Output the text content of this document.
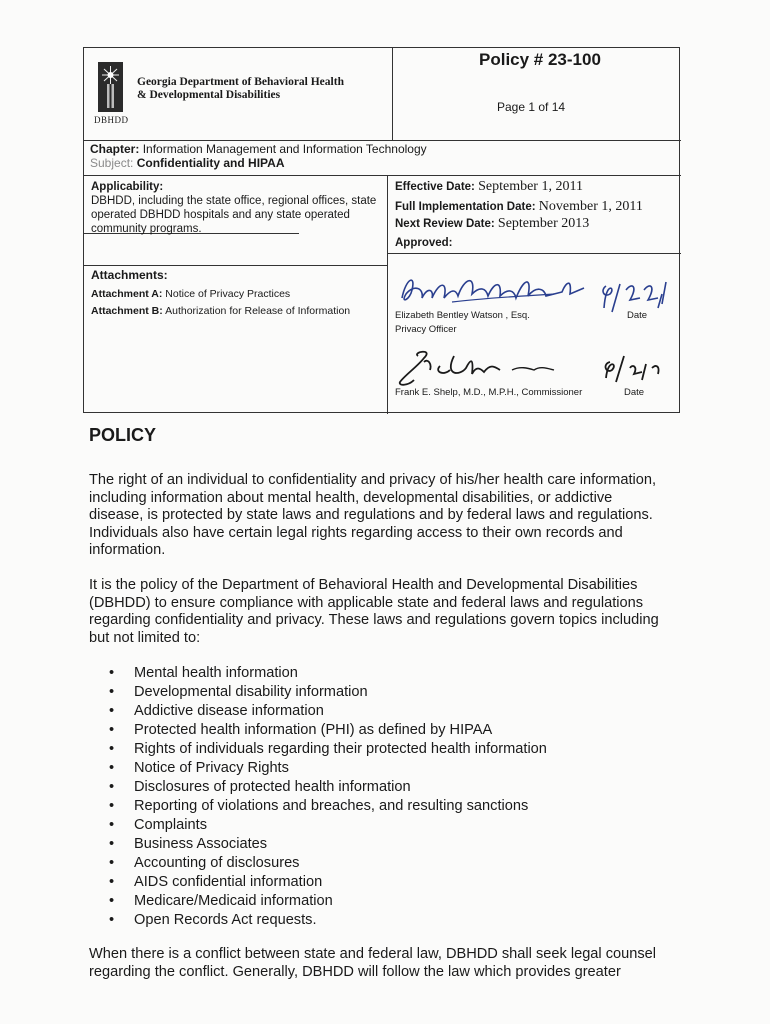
Georgia Department of Behavioral Health
& Developmental Disabilities
DBHDD
Policy # 23-100
Page 1 of 14
Chapter: Information Management and Information Technology
Subject: Confidentiality and HIPAA
Applicability:
DBHDD, including the state office, regional offices, state operated DBHDD hospitals and any state operated community programs.
Attachments:
Attachment A: Notice of Privacy Practices
Attachment B: Authorization for Release of Information
Effective Date: September 1, 2011
Full Implementation Date: November 1, 2011
Next Review Date: September 2013
Approved:
Elizabeth Bentley Watson , Esq.
Privacy Officer
Date
Frank E. Shelp, M.D., M.P.H., Commissioner	Date
POLICY
The right of an individual to confidentiality and privacy of his/her health care information,
including information about mental health, developmental disabilities, or addictive
disease, is protected by state laws and regulations and by federal laws and regulations.
Individuals also have certain legal rights regarding access to their own records and
information.
It is the policy of the Department of Behavioral Health and Developmental Disabilities
(DBHDD) to ensure compliance with applicable state and federal laws and regulations
regarding confidentiality and privacy. These laws and regulations govern topics including
but not limited to:
• Mental health information
• Developmental disability information
• Addictive disease information
• Protected health information (PHI) as defined by HIPAA
• Rights of individuals regarding their protected health information
• Notice of Privacy Rights
• Disclosures of protected health information
• Reporting of violations and breaches, and resulting sanctions
• Complaints
• Business Associates
• Accounting of disclosures
• AIDS confidential information
• Medicare/Medicaid information
• Open Records Act requests.
When there is a conflict between state and federal law, DBHDD shall seek legal counsel
regarding the conflict. Generally, DBHDD will follow the law which provides greater
